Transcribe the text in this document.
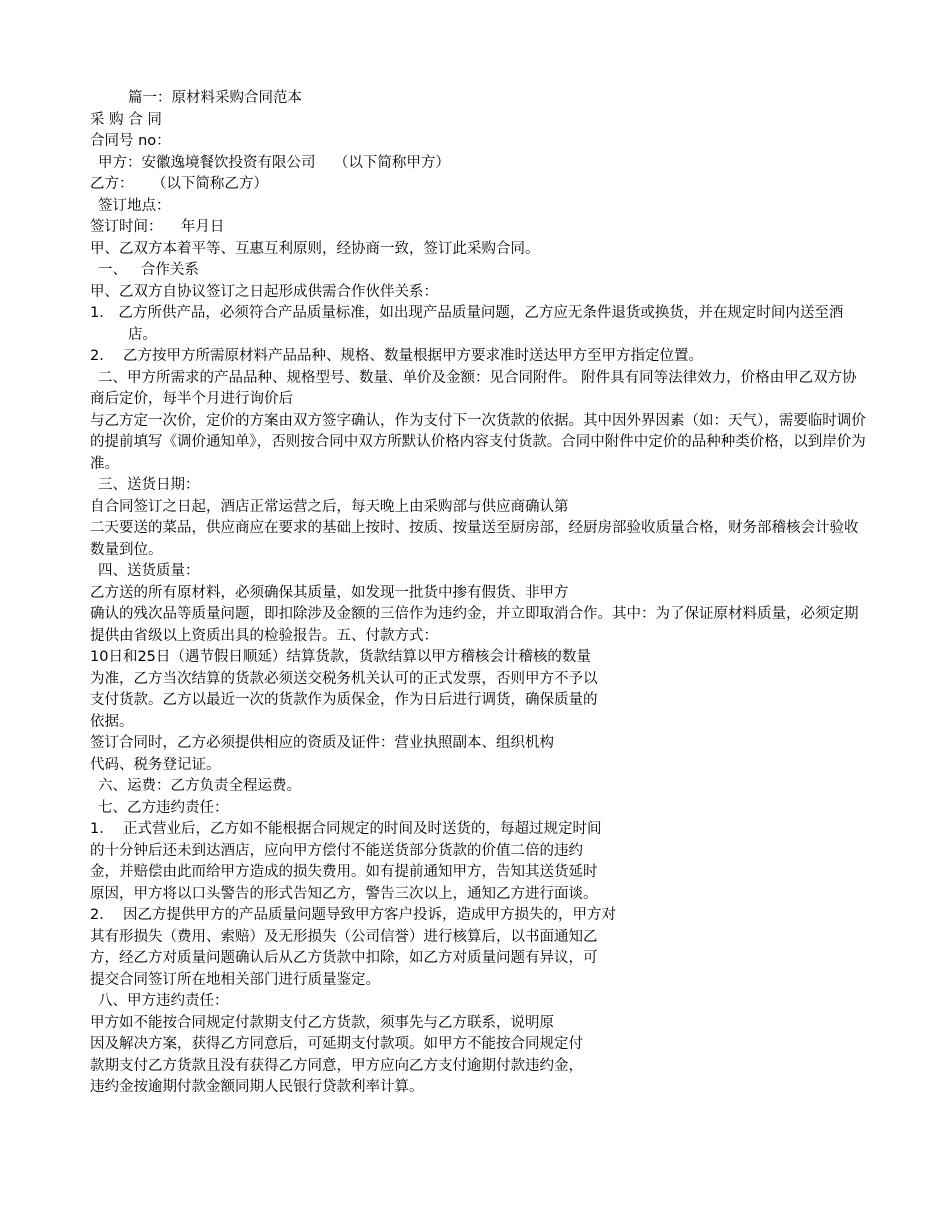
篇一：原材料采购合同范本
采 购 合 同
合同号 no：
甲方：安徽逸境餐饮投资有限公司    （以下简称甲方）
乙方：    （以下简称乙方）
签订地点：
签订时间：    年月日
甲、乙双方本着平等、互惠互利原则，经协商一致，签订此采购合同。
一、   合作关系
甲、乙双方自协议签订之日起形成供需合作伙伴关系：
1． 乙方所供产品，必须符合产品质量标准，如出现产品质量问题，乙方应无条件退货或换货，并在规定时间内送至酒店。
2．  乙方按甲方所需原材料产品品种、规格、数量根据甲方要求准时送达甲方至甲方指定位置。
二、甲方所需求的产品品种、规格型号、数量、单价及金额：见合同附件。 附件具有同等法律效力，价格由甲乙双方协商后定价，每半个月进行询价后
与乙方定一次价，定价的方案由双方签字确认，作为支付下一次货款的依据。其中因外界因素（如：天气），需要临时调价的提前填写《调价通知单》，否则按合同中双方所默认价格内容支付货款。合同中附件中定价的品种种类价格，以到岸价为准。
三、送货日期：
自合同签订之日起，酒店正常运营之后，每天晚上由采购部与供应商确认第
二天要送的菜品，供应商应在要求的基础上按时、按质、按量送至厨房部，经厨房部验收质量合格，财务部稽核会计验收数量到位。
四、送货质量：
乙方送的所有原材料，必须确保其质量，如发现一批货中掺有假货、非甲方
确认的残次品等质量问题，即扣除涉及金额的三倍作为违约金，并立即取消合作。其中：为了保证原材料质量，必须定期提供由省级以上资质出具的检验报告。五、付款方式：
10日和25日（遇节假日顺延）结算货款，货款结算以甲方稽核会计稽核的数量
为准，乙方当次结算的货款必须送交税务机关认可的正式发票，否则甲方不予以
支付货款。乙方以最近一次的货款作为质保金，作为日后进行调货，确保质量的
依据。
签订合同时，乙方必须提供相应的资质及证件：营业执照副本、组织机构
代码、税务登记证。
六、运费：乙方负责全程运费。
七、乙方违约责任：
1．  正式营业后，乙方如不能根据合同规定的时间及时送货的，每超过规定时间
的十分钟后还未到达酒店，应向甲方偿付不能送货部分货款的价值二倍的违约
金，并赔偿由此而给甲方造成的损失费用。如有提前通知甲方，告知其送货延时
原因，甲方将以口头警告的形式告知乙方，警告三次以上，通知乙方进行面谈。
2．  因乙方提供甲方的产品质量问题导致甲方客户投诉，造成甲方损失的，甲方对
其有形损失（费用、索赔）及无形损失（公司信誉）进行核算后，以书面通知乙
方，经乙方对质量问题确认后从乙方货款中扣除，如乙方对质量问题有异议，可
提交合同签订所在地相关部门进行质量鉴定。
八、甲方违约责任：
甲方如不能按合同规定付款期支付乙方货款，须事先与乙方联系，说明原
因及解决方案，获得乙方同意后，可延期支付款项。如甲方不能按合同规定付
款期支付乙方货款且没有获得乙方同意，甲方应向乙方支付逾期付款违约金，
违约金按逾期付款金额同期人民银行贷款利率计算。
